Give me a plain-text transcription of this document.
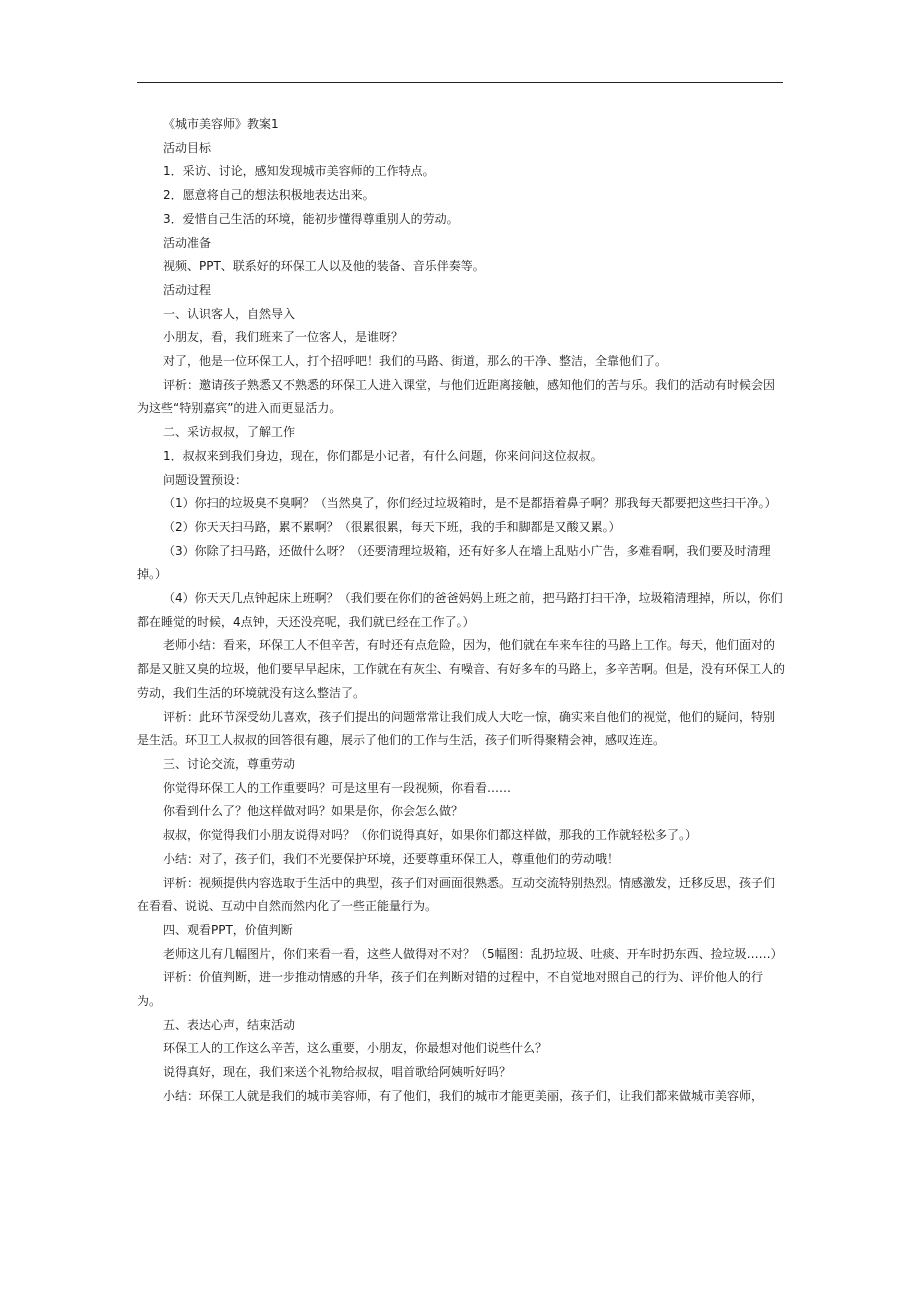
《城市美容师》教案1

活动目标

1．采访、讨论，感知发现城市美容师的工作特点。

2．愿意将自己的想法积极地表达出来。

3．爱惜自己生活的环境，能初步懂得尊重别人的劳动。

活动准备

视频、PPT、联系好的环保工人以及他的装备、音乐伴奏等。

活动过程

一、认识客人，自然导入

小朋友，看，我们班来了一位客人，是谁呀？

对了，他是一位环保工人，打个招呼吧！我们的马路、街道，那么的干净、整洁，全靠他们了。

评析：邀请孩子熟悉又不熟悉的环保工人进入课堂，与他们近距离接触，感知他们的苦与乐。我们的活动有时候会因为这些“特别嘉宾”的进入而更显活力。

二、采访叔叔，了解工作

1．叔叔来到我们身边，现在，你们都是小记者，有什么问题，你来问问这位叔叔。

问题设置预设：

（1）你扫的垃圾臭不臭啊？（当然臭了，你们经过垃圾箱时，是不是都捂着鼻子啊？那我每天都要把这些扫干净。）

（2）你天天扫马路，累不累啊？（很累很累，每天下班，我的手和脚都是又酸又累。）

（3）你除了扫马路，还做什么呀？（还要清理垃圾箱，还有好多人在墙上乱贴小广告，多难看啊，我们要及时清理掉。）

（4）你天天几点钟起床上班啊？（我们要在你们的爸爸妈妈上班之前，把马路打扫干净，垃圾箱清理掉，所以，你们都在睡觉的时候，4点钟，天还没亮呢，我们就已经在工作了。）

老师小结：看来，环保工人不但辛苦，有时还有点危险，因为，他们就在车来车往的马路上工作。每天，他们面对的都是又脏又臭的垃圾，他们要早早起床，工作就在有灰尘、有噪音、有好多车的马路上，多辛苦啊。但是，没有环保工人的劳动，我们生活的环境就没有这么整洁了。

评析：此环节深受幼儿喜欢，孩子们提出的问题常常让我们成人大吃一惊，确实来自他们的视觉，他们的疑问，特别是生活。环卫工人叔叔的回答很有趣，展示了他们的工作与生活，孩子们听得聚精会神，感叹连连。

三、讨论交流，尊重劳动

你觉得环保工人的工作重要吗？可是这里有一段视频，你看看……

你看到什么了？他这样做对吗？如果是你，你会怎么做？

叔叔，你觉得我们小朋友说得对吗？（你们说得真好，如果你们都这样做，那我的工作就轻松多了。）

小结：对了，孩子们，我们不光要保护环境，还要尊重环保工人，尊重他们的劳动哦！

评析：视频提供内容选取于生活中的典型，孩子们对画面很熟悉。互动交流特别热烈。情感激发，迁移反思，孩子们在看看、说说、互动中自然而然内化了一些正能量行为。

四、观看PPT，价值判断

老师这儿有几幅图片，你们来看一看，这些人做得对不对？（5幅图：乱扔垃圾、吐痰、开车时扔东西、捡垃圾……）

评析：价值判断，进一步推动情感的升华，孩子们在判断对错的过程中，不自觉地对照自己的行为、评价他人的行为。

五、表达心声，结束活动

环保工人的工作这么辛苦，这么重要，小朋友，你最想对他们说些什么？

说得真好，现在，我们来送个礼物给叔叔，唱首歌给阿姨听好吗？

小结：环保工人就是我们的城市美容师，有了他们，我们的城市才能更美丽，孩子们，让我们都来做城市美容师，
